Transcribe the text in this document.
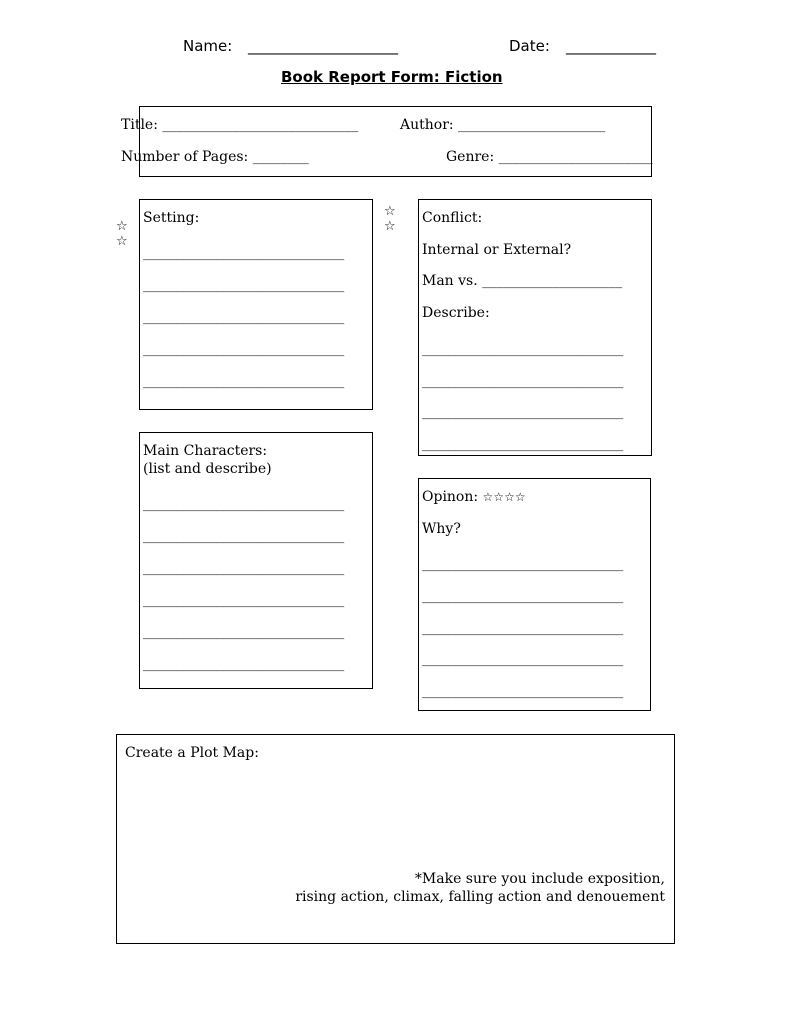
Name: ____________________	Date: ____________
Book Report Form: Fiction
Title: ____________________________	Author: _____________________
Number of Pages: ________	Genre: ______________________
☆
☆
☆
☆
Setting:
______________________________
______________________________
______________________________
______________________________
______________________________
Conflict:
Internal or External?
Man vs. ____________________
Describe:
______________________________
______________________________
______________________________
______________________________
Main Characters:
(list and describe)
______________________________
______________________________
______________________________
______________________________
______________________________
______________________________
Opinon: ☆☆☆☆
Why?
______________________________
______________________________
______________________________
______________________________
______________________________
Create a Plot Map:
*Make sure you include exposition,
rising action, climax, falling action and denouement
